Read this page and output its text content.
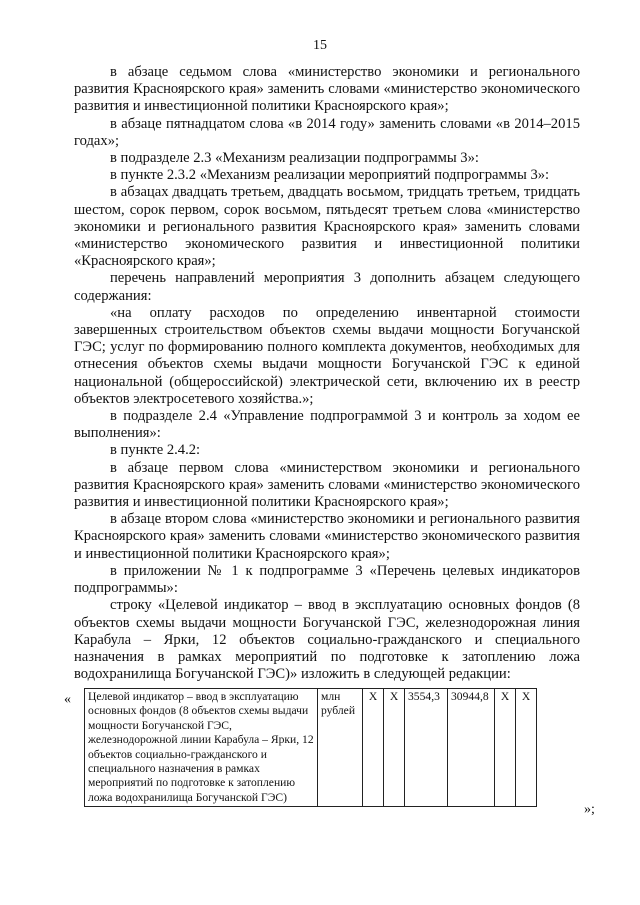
15

в абзаце седьмом слова «министерство экономики и регионального развития Красноярского края» заменить словами «министерство экономического развития и инвестиционной политики Красноярского края»;

в абзаце пятнадцатом слова «в 2014 году» заменить словами «в 2014–2015 годах»;

в подразделе 2.3 «Механизм реализации подпрограммы 3»:

в пункте 2.3.2 «Механизм реализации мероприятий подпрограммы 3»:

в абзацах двадцать третьем, двадцать восьмом, тридцать третьем, тридцать шестом, сорок первом, сорок восьмом, пятьдесят третьем слова «министерство экономики и регионального развития Красноярского края» заменить словами «министерство экономического развития и инвестиционной политики «Красноярского края»;

перечень направлений мероприятия 3 дополнить абзацем следующего содержания:

«на оплату расходов по определению инвентарной стоимости завершенных строительством объектов схемы выдачи мощности Богучанской ГЭС; услуг по формированию полного комплекта документов, необходимых для отнесения объектов схемы выдачи мощности Богучанской ГЭС к единой национальной (общероссийской) электрической сети, включению их в реестр объектов электросетевого хозяйства.»;

в подразделе 2.4 «Управление подпрограммой 3 и контроль за ходом ее выполнения»:

в пункте 2.4.2:

в абзаце первом слова «министерством экономики и регионального развития Красноярского края» заменить словами «министерство экономического развития и инвестиционной политики Красноярского края»;

в абзаце втором слова «министерство экономики и регионального развития Красноярского края» заменить словами «министерство экономического развития и инвестиционной политики Красноярского края»;

в приложении № 1 к подпрограмме 3 «Перечень целевых индикаторов подпрограммы»:

строку «Целевой индикатор – ввод в эксплуатацию основных фондов (8 объектов схемы выдачи мощности Богучанской ГЭС, железнодорожная линия Карабула – Ярки, 12 объектов социально-гражданского и специального назначения в рамках мероприятий по подготовке к затоплению ложа водохранилища Богучанской ГЭС)» изложить в следующей редакции:

« Целевой индикатор – ввод в эксплуатацию основных фондов (8 объектов схемы выдачи мощности Богучанской ГЭС, железнодорожной линии Карабула – Ярки, 12 объектов социально-гражданского и специального назначения в рамках мероприятий по подготовке к затоплению ложа водохранилища Богучанской ГЭС)	млн рублей	Х	Х	3554,3	30944,8	Х	Х
»;
